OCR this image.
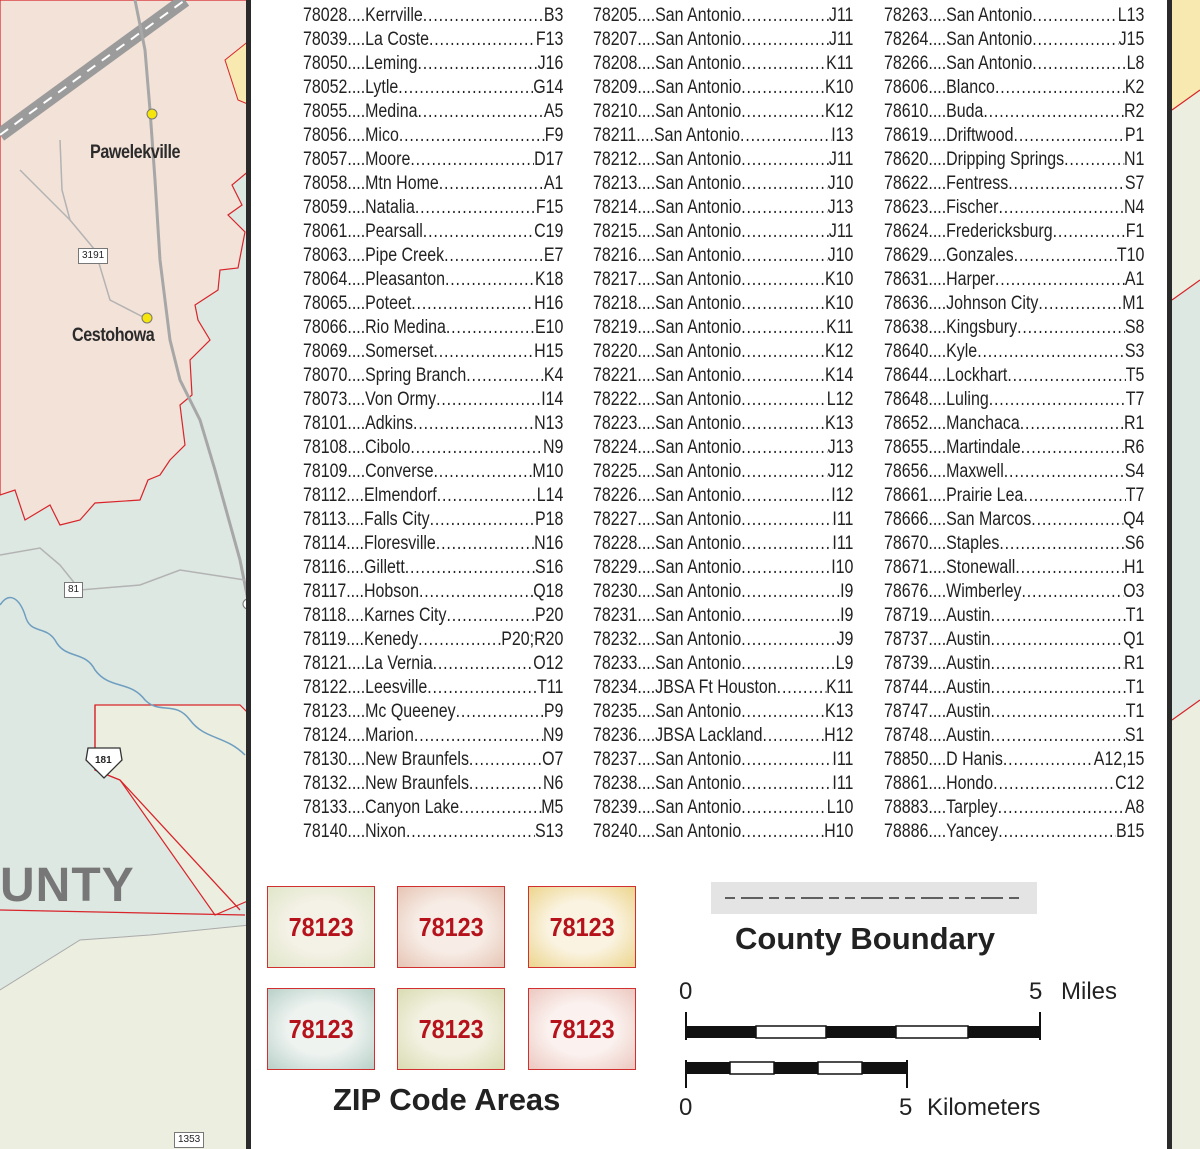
Pawelekville
Cestohowa
3191
81
181
1353
UNTY
78028 .... Kerrville .....	B3
78039 .... La Coste .....	F13
78050 .... Leming .....	J16
78052 .... Lytle .....	G14
78055 .... Medina .....	A5
78056 .... Mico .....	F9
78057 .... Moore .....	D17
78058 .... Mtn Home .....	A1
78059 .... Natalia .....	F15
78061 .... Pearsall .....	C19
78063 .... Pipe Creek .....	E7
78064 .... Pleasanton .....	K18
78065 .... Poteet .....	H16
78066 .... Rio Medina .....	E10
78069 .... Somerset .....	H15
78070 .... Spring Branch .....	K4
78073 .... Von Ormy .....	I14
78101 .... Adkins .....	N13
78108 .... Cibolo .....	N9
78109 .... Converse .....	M10
78112 .... Elmendorf .....	L14
78113 .... Falls City .....	P18
78114 .... Floresville .....	N16
78116 .... Gillett .....	S16
78117 .... Hobson .....	Q18
78118 .... Karnes City .....	P20
78119 .... Kenedy .....	P20;R20
78121 .... La Vernia .....	O12
78122 .... Leesville .....	T11
78123 .... Mc Queeney .....	P9
78124 .... Marion .....	N9
78130 .... New Braunfels .....	O7
78132 .... New Braunfels .....	N6
78133 .... Canyon Lake .....	M5
78140 .... Nixon .....	S13
78205 .... San Antonio .....	J11
78207 .... San Antonio .....	J11
78208 .... San Antonio .....	K11
78209 .... San Antonio .....	K10
78210 .... San Antonio .....	K12
78211 .... San Antonio .....	I13
78212 .... San Antonio .....	J11
78213 .... San Antonio .....	J10
78214 .... San Antonio .....	J13
78215 .... San Antonio .....	J11
78216 .... San Antonio .....	J10
78217 .... San Antonio .....	K10
78218 .... San Antonio .....	K10
78219 .... San Antonio .....	K11
78220 .... San Antonio .....	K12
78221 .... San Antonio .....	K14
78222 .... San Antonio .....	L12
78223 .... San Antonio .....	K13
78224 .... San Antonio .....	J13
78225 .... San Antonio .....	J12
78226 .... San Antonio .....	I12
78227 .... San Antonio .....	I11
78228 .... San Antonio .....	I11
78229 .... San Antonio .....	I10
78230 .... San Antonio .....	I9
78231 .... San Antonio .....	I9
78232 .... San Antonio .....	J9
78233 .... San Antonio .....	L9
78234 .... JBSA Ft Houston .....	K11
78235 .... San Antonio .....	K13
78236 .... JBSA Lackland .....	H12
78237 .... San Antonio .....	I11
78238 .... San Antonio .....	I11
78239 .... San Antonio .....	L10
78240 .... San Antonio .....	H10
78263 .... San Antonio .....	L13
78264 .... San Antonio .....	J15
78266 .... San Antonio .....	L8
78606 .... Blanco .....	K2
78610 .... Buda .....	R2
78619 .... Driftwood .....	P1
78620 .... Dripping Springs .....	N1
78622 .... Fentress .....	S7
78623 .... Fischer .....	N4
78624 .... Fredericksburg .....	F1
78629 .... Gonzales .....	T10
78631 .... Harper .....	A1
78636 .... Johnson City .....	M1
78638 .... Kingsbury .....	S8
78640 .... Kyle .....	S3
78644 .... Lockhart .....	T5
78648 .... Luling .....	T7
78652 .... Manchaca .....	R1
78655 .... Martindale .....	R6
78656 .... Maxwell .....	S4
78661 .... Prairie Lea .....	T7
78666 .... San Marcos .....	Q4
78670 .... Staples .....	S6
78671 .... Stonewall .....	H1
78676 .... Wimberley .....	O3
78719 .... Austin .....	T1
78737 .... Austin .....	Q1
78739 .... Austin .....	R1
78744 .... Austin .....	T1
78747 .... Austin .....	T1
78748 .... Austin .....	S1
78850 .... D Hanis .....	A12,15
78861 .... Hondo .....	C12
78883 .... Tarpley .....	A8
78886 .... Yancey .....	B15
78123 78123	78123
78123 78123	78123
ZIP Code Areas
County Boundary
0	5 Miles
0	5 Kilometers
